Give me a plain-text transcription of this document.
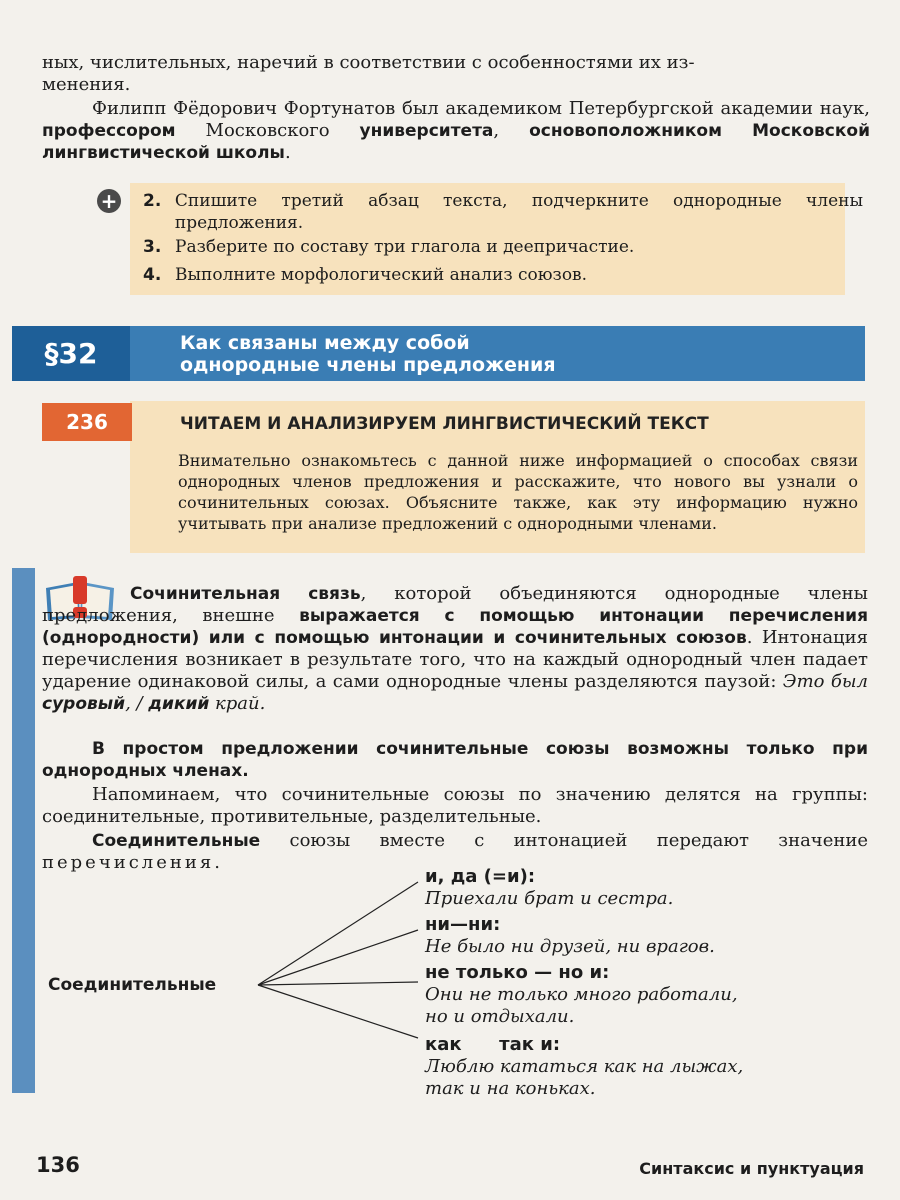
ных, числительных, наречий в соответствии с особенностями их из-
менения.

Филипп Фёдорович Фортунатов был академиком Петербургской академии наук, профессором Московского университета, основоположником Московской лингвистической школы.

+ 2. Спишите третий абзац текста, подчеркните однородные члены предложения.
3. Разберите по составу три глагола и деепричастие.
4. Выполните морфологический анализ союзов.
§32	Как связаны между собой
однородные члены предложения
236	ЧИТАЕМ И АНАЛИЗИРУЕМ ЛИНГВИСТИЧЕСКИЙ ТЕКСТ
Внимательно ознакомьтесь с данной ниже информацией о способах связи однородных членов предложения и расскажите, что нового вы узнали о сочинительных союзах. Объясните также, как эту информацию нужно учитывать при анализе предложений с однородными членами.

Сочинительная связь, которой объединяются однородные члены предложения, внешне выражается с помощью интонации перечисления (однородности) или с помощью интонации и сочинительных союзов. Интонация перечисления возникает в результате того, что на каждый однородный член падает ударение одинаковой силы, а сами однородные члены разделяются паузой: Это был суровый, / дикий край.

В простом предложении сочинительные союзы возможны только при однородных членах.

Напоминаем, что сочинительные союзы по значению делятся на группы: соединительные, противительные, разделительные.

Соединительные союзы вместе с интонацией передают значение перечисления.

Соединительные
и, да (=и):
Приехали брат и сестра.
ни—ни:
Не было ни друзей, ни врагов.
не только — но и:
Они не только много работали,
но и отдыхали.
как      так и:
Люблю кататься как на лыжах,
так и на коньках.
136	Синтаксис и пунктуация
